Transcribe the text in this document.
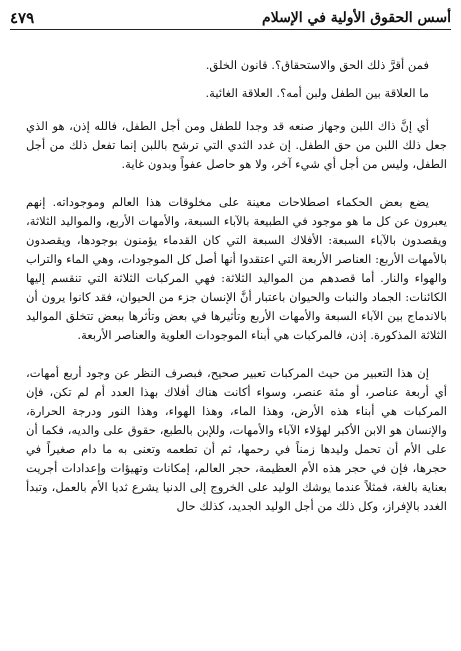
أسس الحقوق الأولية في الإسلام
٤٧٩

فمن أقرَّ ذلك الحق والاستحقاق؟. قانون الخلق.

ما العلاقة بين الطفل ولبن أمه؟. العلاقة الغائية.

أي إنَّ ذاك اللبن وجهاز صنعه قد وجدا للطفل ومن أجل الطفل، فالله إذن، هو الذي جعل ذلك اللبن من حق الطفل. إن غدد الثدي التي ترشح باللبن إنما تفعل ذلك من أجل الطفل، وليس من أجل أي شيء آخر، ولا هو حاصل عفواً وبدون غاية.

يضع بعض الحكماء اصطلاحات معينة على مخلوقات هذا العالم وموجوداته. إنهم يعبرون عن كل ما هو موجود في الطبيعة بالآباء السبعة، والأمهات الأربع، والمواليد الثلاثة، ويقصدون بالآباء السبعة: الأفلاك السبعة التي كان القدماء يؤمنون بوجودها، ويقصدون بالأمهات الأربع: العناصر الأربعة التي اعتقدوا أنها أصل كل الموجودات، وهي الماء والتراب والهواء والنار. أما قصدهم من المواليد الثلاثة: فهي المركبات الثلاثة التي تنقسم إليها الكائنات: الجماد والنبات والحيوان باعتبار أنَّ الإنسان جزء من الحيوان، فقد كانوا يرون أن بالاندماج بين الآباء السبعة والأمهات الأربع وتأثيرها في بعض وتأثرها ببعض تتخلق المواليد الثلاثة المذكورة. إذن، فالمركبات هي أبناء الموجودات العلوية والعناصر الأربعة.

إن هذا التعبير من حيث المركبات تعبير صحيح، فبصرف النظر عن وجود أربع أمهات، أي أربعة عناصر، أو مئة عنصر، وسواء أكانت هناك أفلاك بهذا العدد أم لم تكن، فإن المركبات هي أبناء هذه الأرض، وهذا الماء، وهذا الهواء، وهذا النور ودرجة الحرارة، والإنسان هو الابن الأكبر لهؤلاء الآباء والأمهات، وللإبن بالطبع، حقوق على والديه، فكما أن على الأم أن تحمل وليدها زمناً في رحمها، ثم أن تطعمه وتعنى به ما دام صغيراً في حجرها، فإن في حجر هذه الأم العظيمة، حجر العالم، إمكانات وتهيؤات وإعدادات أجريت بعناية بالغة، فمثلاً عندما يوشك الوليد على الخروج إلى الدنيا يشرع ثديا الأم بالعمل، وتبدأ الغدد بالإفراز، وكل ذلك من أجل الوليد الجديد، كذلك حال
